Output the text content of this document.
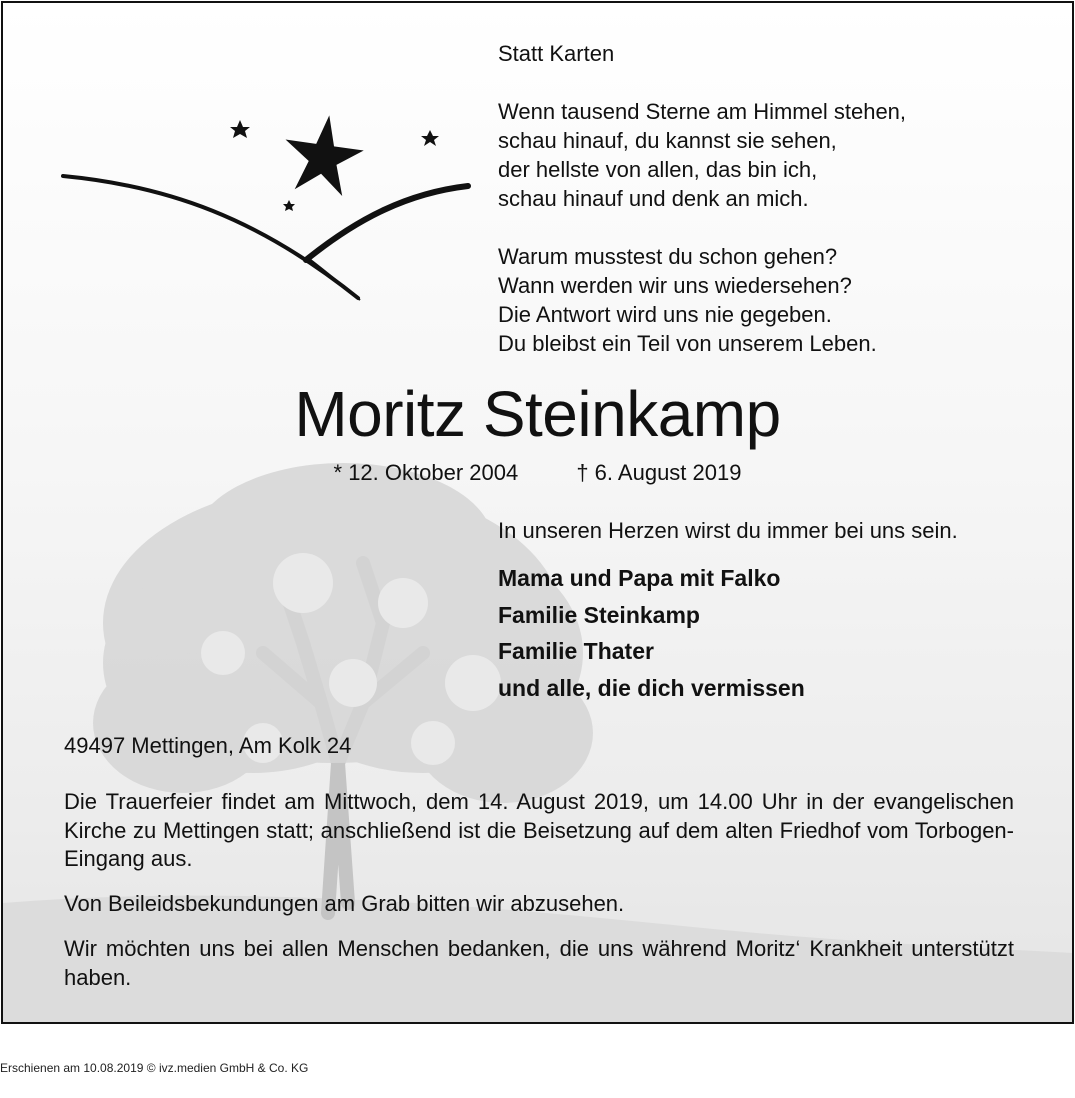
Statt Karten

Wenn tausend Sterne am Himmel stehen,

schau hinauf, du kannst sie sehen,

der hellste von allen, das bin ich,

schau hinauf und denk an mich.

Warum musstest du schon gehen?

Wann werden wir uns wiedersehen?

Die Antwort wird uns nie gegeben.

Du bleibst ein Teil von unserem Leben.

Moritz Steinkamp
* 12. Oktober 2004	† 6. August 2019
In unseren Herzen wirst du immer bei uns sein.
Mama und Papa mit Falko
Familie Steinkamp
Familie Thater
und alle, die dich vermissen
49497 Mettingen, Am Kolk 24
Die Trauerfeier findet am Mittwoch, dem 14. August 2019, um 14.00 Uhr in der evangelischen Kirche zu Mettingen statt; anschließend ist die Beisetzung auf dem alten Friedhof vom Torbogen-Eingang aus.
Von Beileidsbekundungen am Grab bitten wir abzusehen.
Wir möchten uns bei allen Menschen bedanken, die uns während Moritz‘ Krankheit unterstützt haben.
Erschienen am 10.08.2019 © ivz.medien GmbH & Co. KG
